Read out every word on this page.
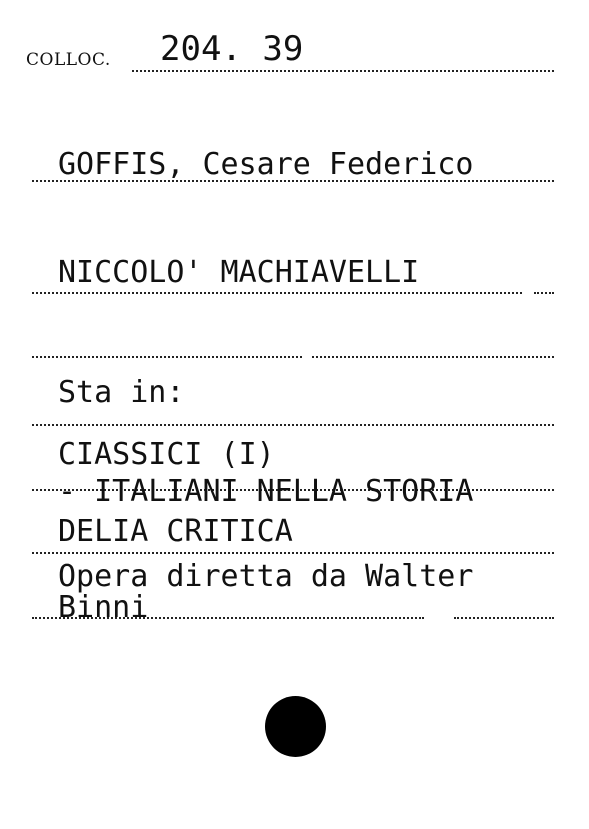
COLLOC. 204. 39
GOFFIS, Cesare Federico
NICCOLO' MACHIAVELLI
Sta in:
CIASSICI (I)
- ITALIANI NELLA STORIA
DELIA CRITICA
Opera diretta da Walter
Binni
